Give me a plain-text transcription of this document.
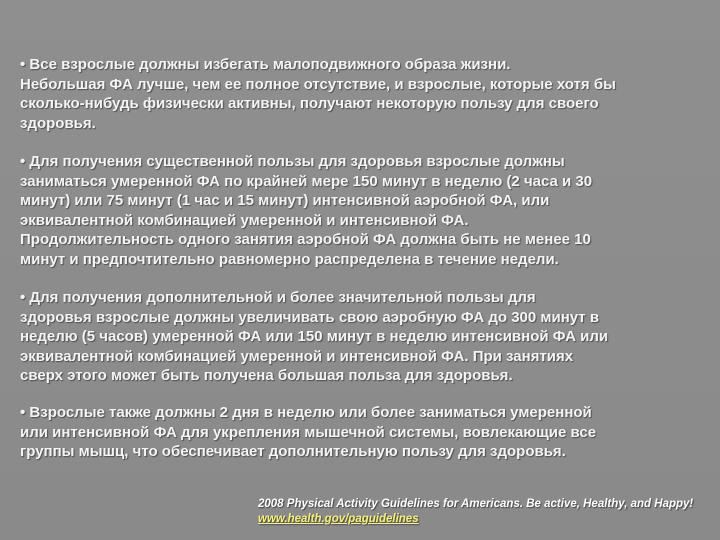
• Все взрослые должны избегать малоподвижного образа жизни.
Небольшая ФА лучше, чем ее полное отсутствие, и взрослые, которые хотя бы
сколько-нибудь физически активны, получают некоторую пользу для своего
здоровья.
• Для получения существенной пользы для здоровья взрослые должны
заниматься умеренной ФА по крайней мере 150 минут в неделю (2 часа и 30
минут) или 75 минут (1 час и 15 минут) интенсивной аэробной ФА, или
эквивалентной комбинацией умеренной и интенсивной ФА.
Продолжительность одного занятия аэробной ФА должна быть не менее 10
минут и предпочтительно равномерно распределена в течение недели.
• Для получения дополнительной и более значительной пользы для
здоровья взрослые должны увеличивать свою аэробную ФА до 300 минут в
неделю (5 часов) умеренной ФА или 150 минут в неделю интенсивной ФА или
эквивалентной комбинацией умеренной и интенсивной ФА. При занятиях
сверх этого может быть получена большая польза для здоровья.
• Взрослые также должны 2 дня в неделю или более заниматься умеренной
или интенсивной ФА для укрепления мышечной системы, вовлекающие все
группы мышц, что обеспечивает дополнительную пользу для здоровья.
2008 Physical Activity Guidelines for Americans. Be active, Healthy, and Happy! www.health.gov/paguidelines
